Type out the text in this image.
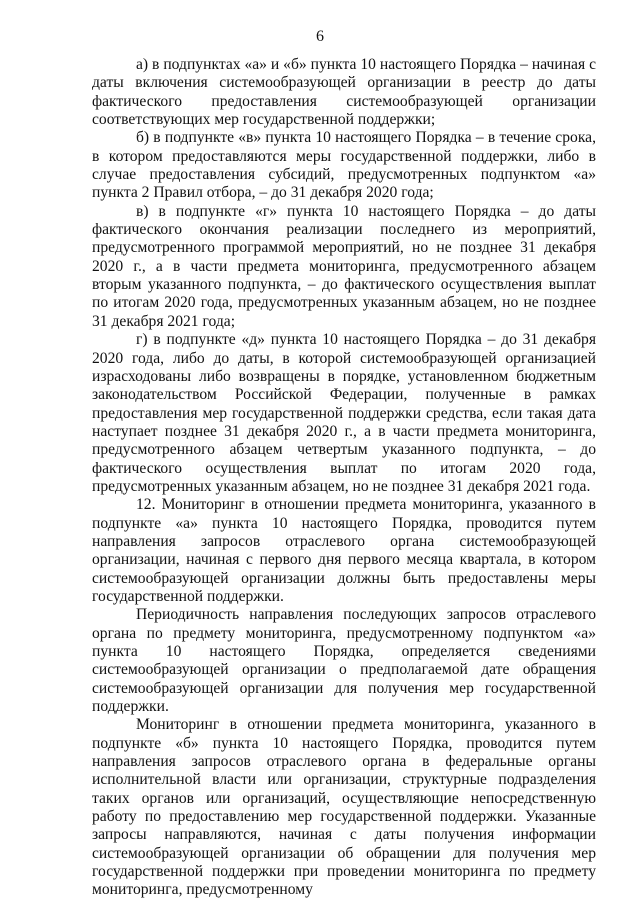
6

а) в подпунктах «а» и «б» пункта 10 настоящего Порядка – начиная с даты включения системообразующей организации в реестр до даты фактического предоставления системообразующей организации соответствующих мер государственной поддержки;

б) в подпункте «в» пункта 10 настоящего Порядка – в течение срока, в котором предоставляются меры государственной поддержки, либо в случае предоставления субсидий, предусмотренных подпунктом «а» пункта 2 Правил отбора, – до 31 декабря 2020 года;

в) в подпункте «г» пункта 10 настоящего Порядка – до даты фактического окончания реализации последнего из мероприятий, предусмотренного программой мероприятий, но не позднее 31 декабря 2020 г., а в части предмета мониторинга, предусмотренного абзацем вторым указанного подпункта, – до фактического осуществления выплат по итогам 2020 года, предусмотренных указанным абзацем, но не позднее 31 декабря 2021 года;

г) в подпункте «д» пункта 10 настоящего Порядка – до 31 декабря 2020 года, либо до даты, в которой системообразующей организацией израсходованы либо возвращены в порядке, установленном бюджетным законодательством Российской Федерации, полученные в рамках предоставления мер государственной поддержки средства, если такая дата наступает позднее 31 декабря 2020 г., а в части предмета мониторинга, предусмотренного абзацем четвертым указанного подпункта, – до фактического осуществления выплат по итогам 2020 года, предусмотренных указанным абзацем, но не позднее 31 декабря 2021 года.

12. Мониторинг в отношении предмета мониторинга, указанного в подпункте «а» пункта 10 настоящего Порядка, проводится путем направления запросов отраслевого органа системообразующей организации, начиная с первого дня первого месяца квартала, в котором системообразующей организации должны быть предоставлены меры государственной поддержки.

Периодичность направления последующих запросов отраслевого органа по предмету мониторинга, предусмотренному подпунктом «а» пункта 10 настоящего Порядка, определяется сведениями системообразующей организации о предполагаемой дате обращения системообразующей организации для получения мер государственной поддержки.

Мониторинг в отношении предмета мониторинга, указанного в подпункте «б» пункта 10 настоящего Порядка, проводится путем направления запросов отраслевого органа в федеральные органы исполнительной власти или организации, структурные подразделения таких органов или организаций, осуществляющие непосредственную работу по предоставлению мер государственной поддержки. Указанные запросы направляются, начиная с даты получения информации системообразующей организации об обращении для получения мер государственной поддержки при проведении мониторинга по предмету мониторинга, предусмотренному
